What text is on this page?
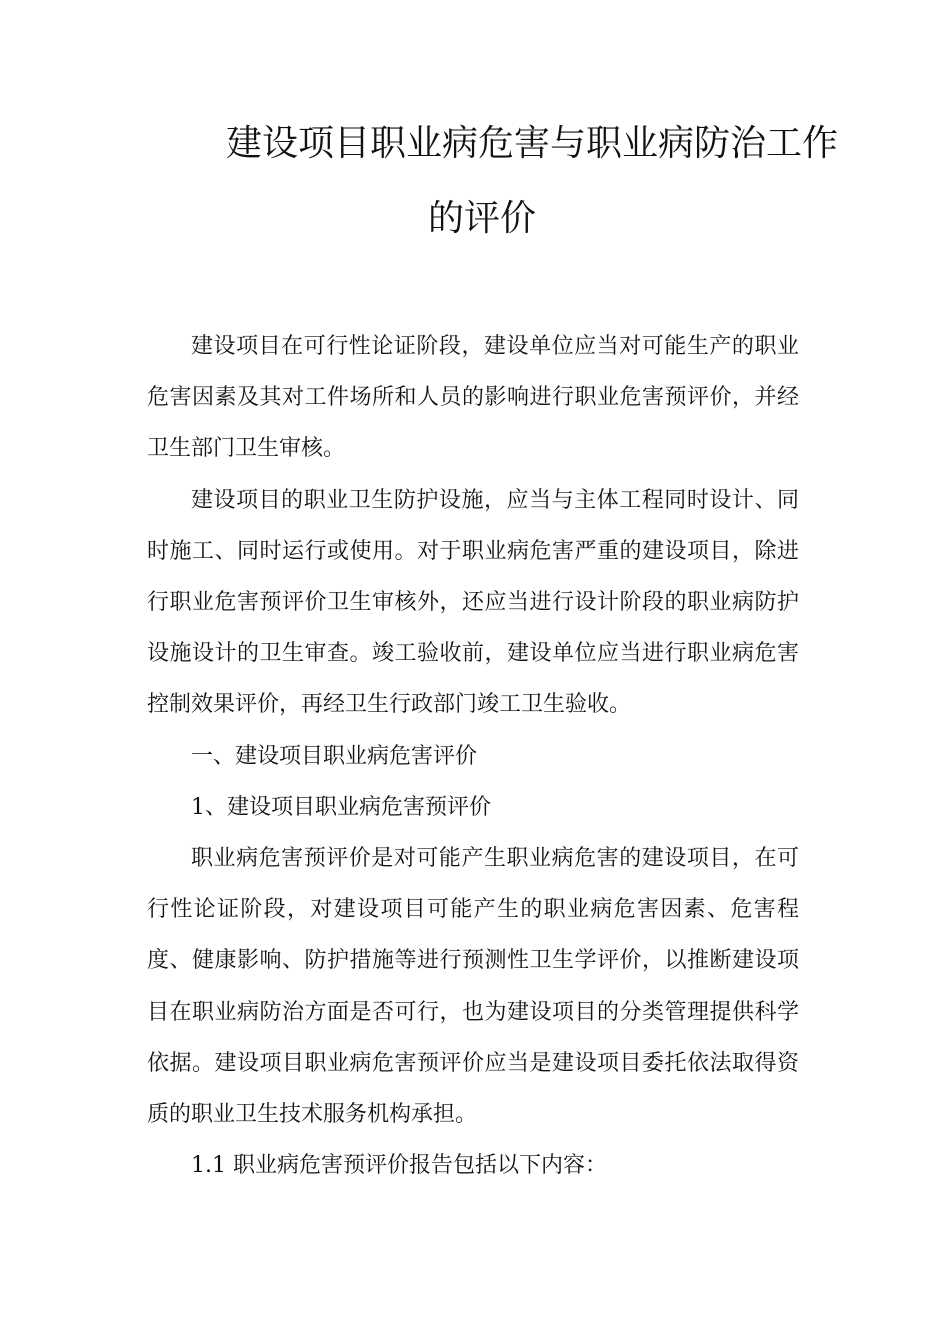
建设项目职业病危害与职业病防治工作
的评价

建设项目在可行性论证阶段，建设单位应当对可能生产的职业危害因素及其对工件场所和人员的影响进行职业危害预评价，并经卫生部门卫生审核。

建设项目的职业卫生防护设施，应当与主体工程同时设计、同时施工、同时运行或使用。对于职业病危害严重的建设项目，除进行职业危害预评价卫生审核外，还应当进行设计阶段的职业病防护设施设计的卫生审查。竣工验收前，建设单位应当进行职业病危害控制效果评价，再经卫生行政部门竣工卫生验收。

一、建设项目职业病危害评价

1、建设项目职业病危害预评价

职业病危害预评价是对可能产生职业病危害的建设项目，在可行性论证阶段，对建设项目可能产生的职业病危害因素、危害程度、健康影响、防护措施等进行预测性卫生学评价，以推断建设项目在职业病防治方面是否可行，也为建设项目的分类管理提供科学依据。建设项目职业病危害预评价应当是建设项目委托依法取得资质的职业卫生技术服务机构承担。

1.1 职业病危害预评价报告包括以下内容：
